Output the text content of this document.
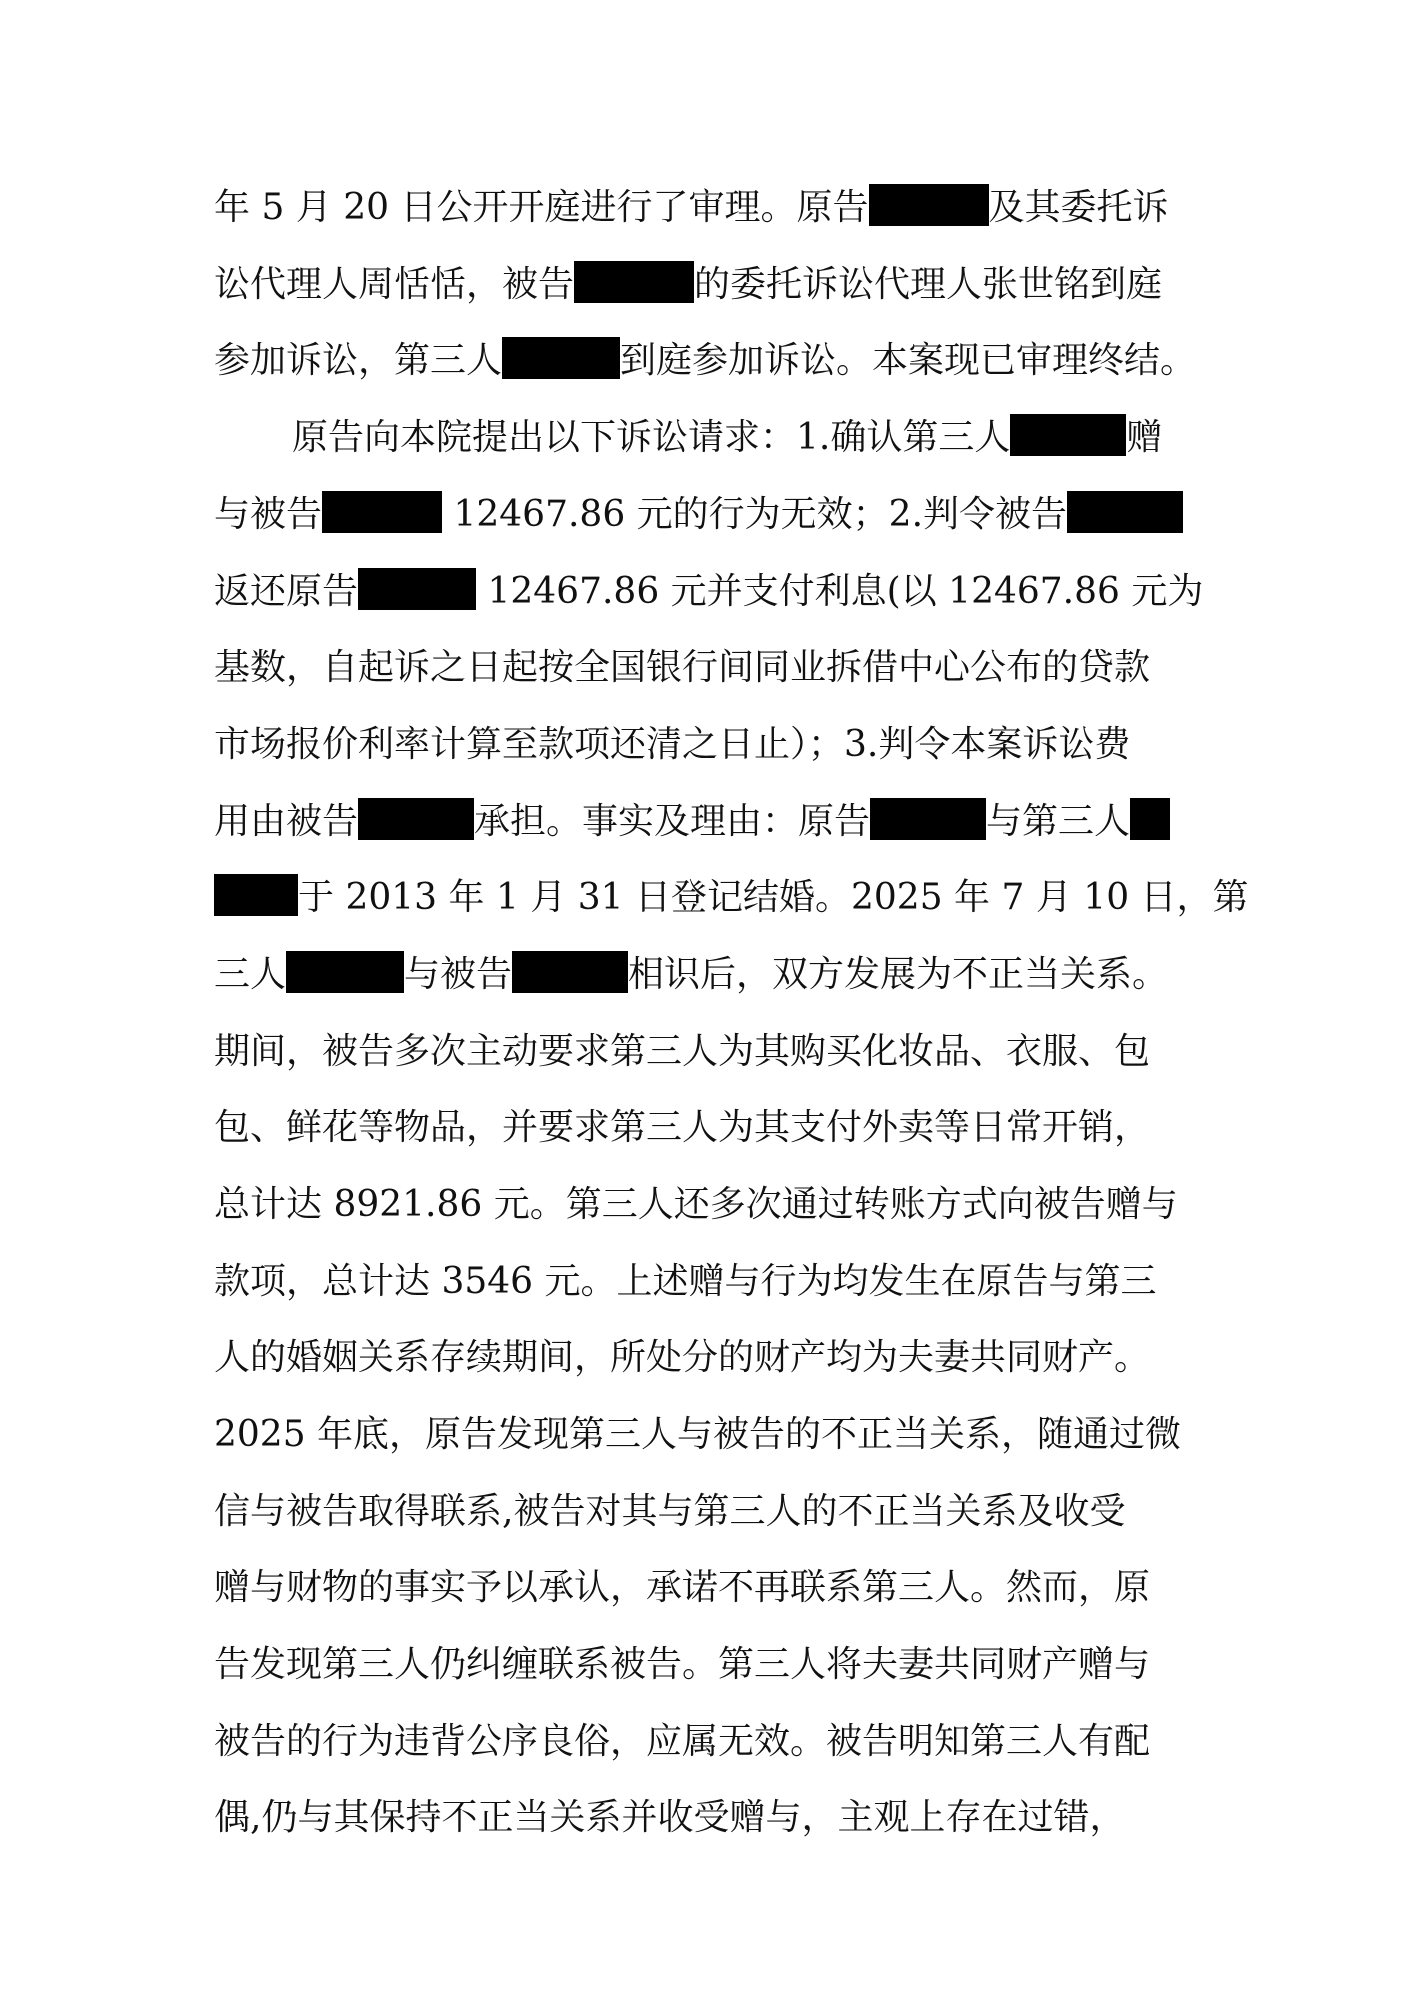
年 5 月 20 日公开开庭进行了审理。原告	及其委托诉
讼代理人周恬恬，被告	的委托诉讼代理人张世铭到庭
参加诉讼，第三人	到庭参加诉讼。本案现已审理终结。
原告向本院提出以下诉讼请求：1.确认第三人	赠
与被告	12467.86 元的行为无效；2.判令被告
返还原告	12467.86 元并支付利息(以 12467.86 元为
基数，自起诉之日起按全国银行间同业拆借中心公布的贷款
市场报价利率计算至款项还清之日止）；3.判令本案诉讼费
用由被告	承担。事实及理由：原告	与第三人
于 2013 年 1 月 31 日登记结婚。2025 年 7 月 10 日，第
三人	与被告	相识后，双方发展为不正当关系。
期间，被告多次主动要求第三人为其购买化妆品、衣服、包
包、鲜花等物品，并要求第三人为其支付外卖等日常开销，
总计达 8921.86 元。第三人还多次通过转账方式向被告赠与
款项，总计达 3546 元。上述赠与行为均发生在原告与第三
人的婚姻关系存续期间，所处分的财产均为夫妻共同财产。
2025 年底，原告发现第三人与被告的不正当关系，随通过微
信与被告取得联系,被告对其与第三人的不正当关系及收受
赠与财物的事实予以承认，承诺不再联系第三人。然而，原
告发现第三人仍纠缠联系被告。第三人将夫妻共同财产赠与
被告的行为违背公序良俗，应属无效。被告明知第三人有配
偶,仍与其保持不正当关系并收受赠与，主观上存在过错，
